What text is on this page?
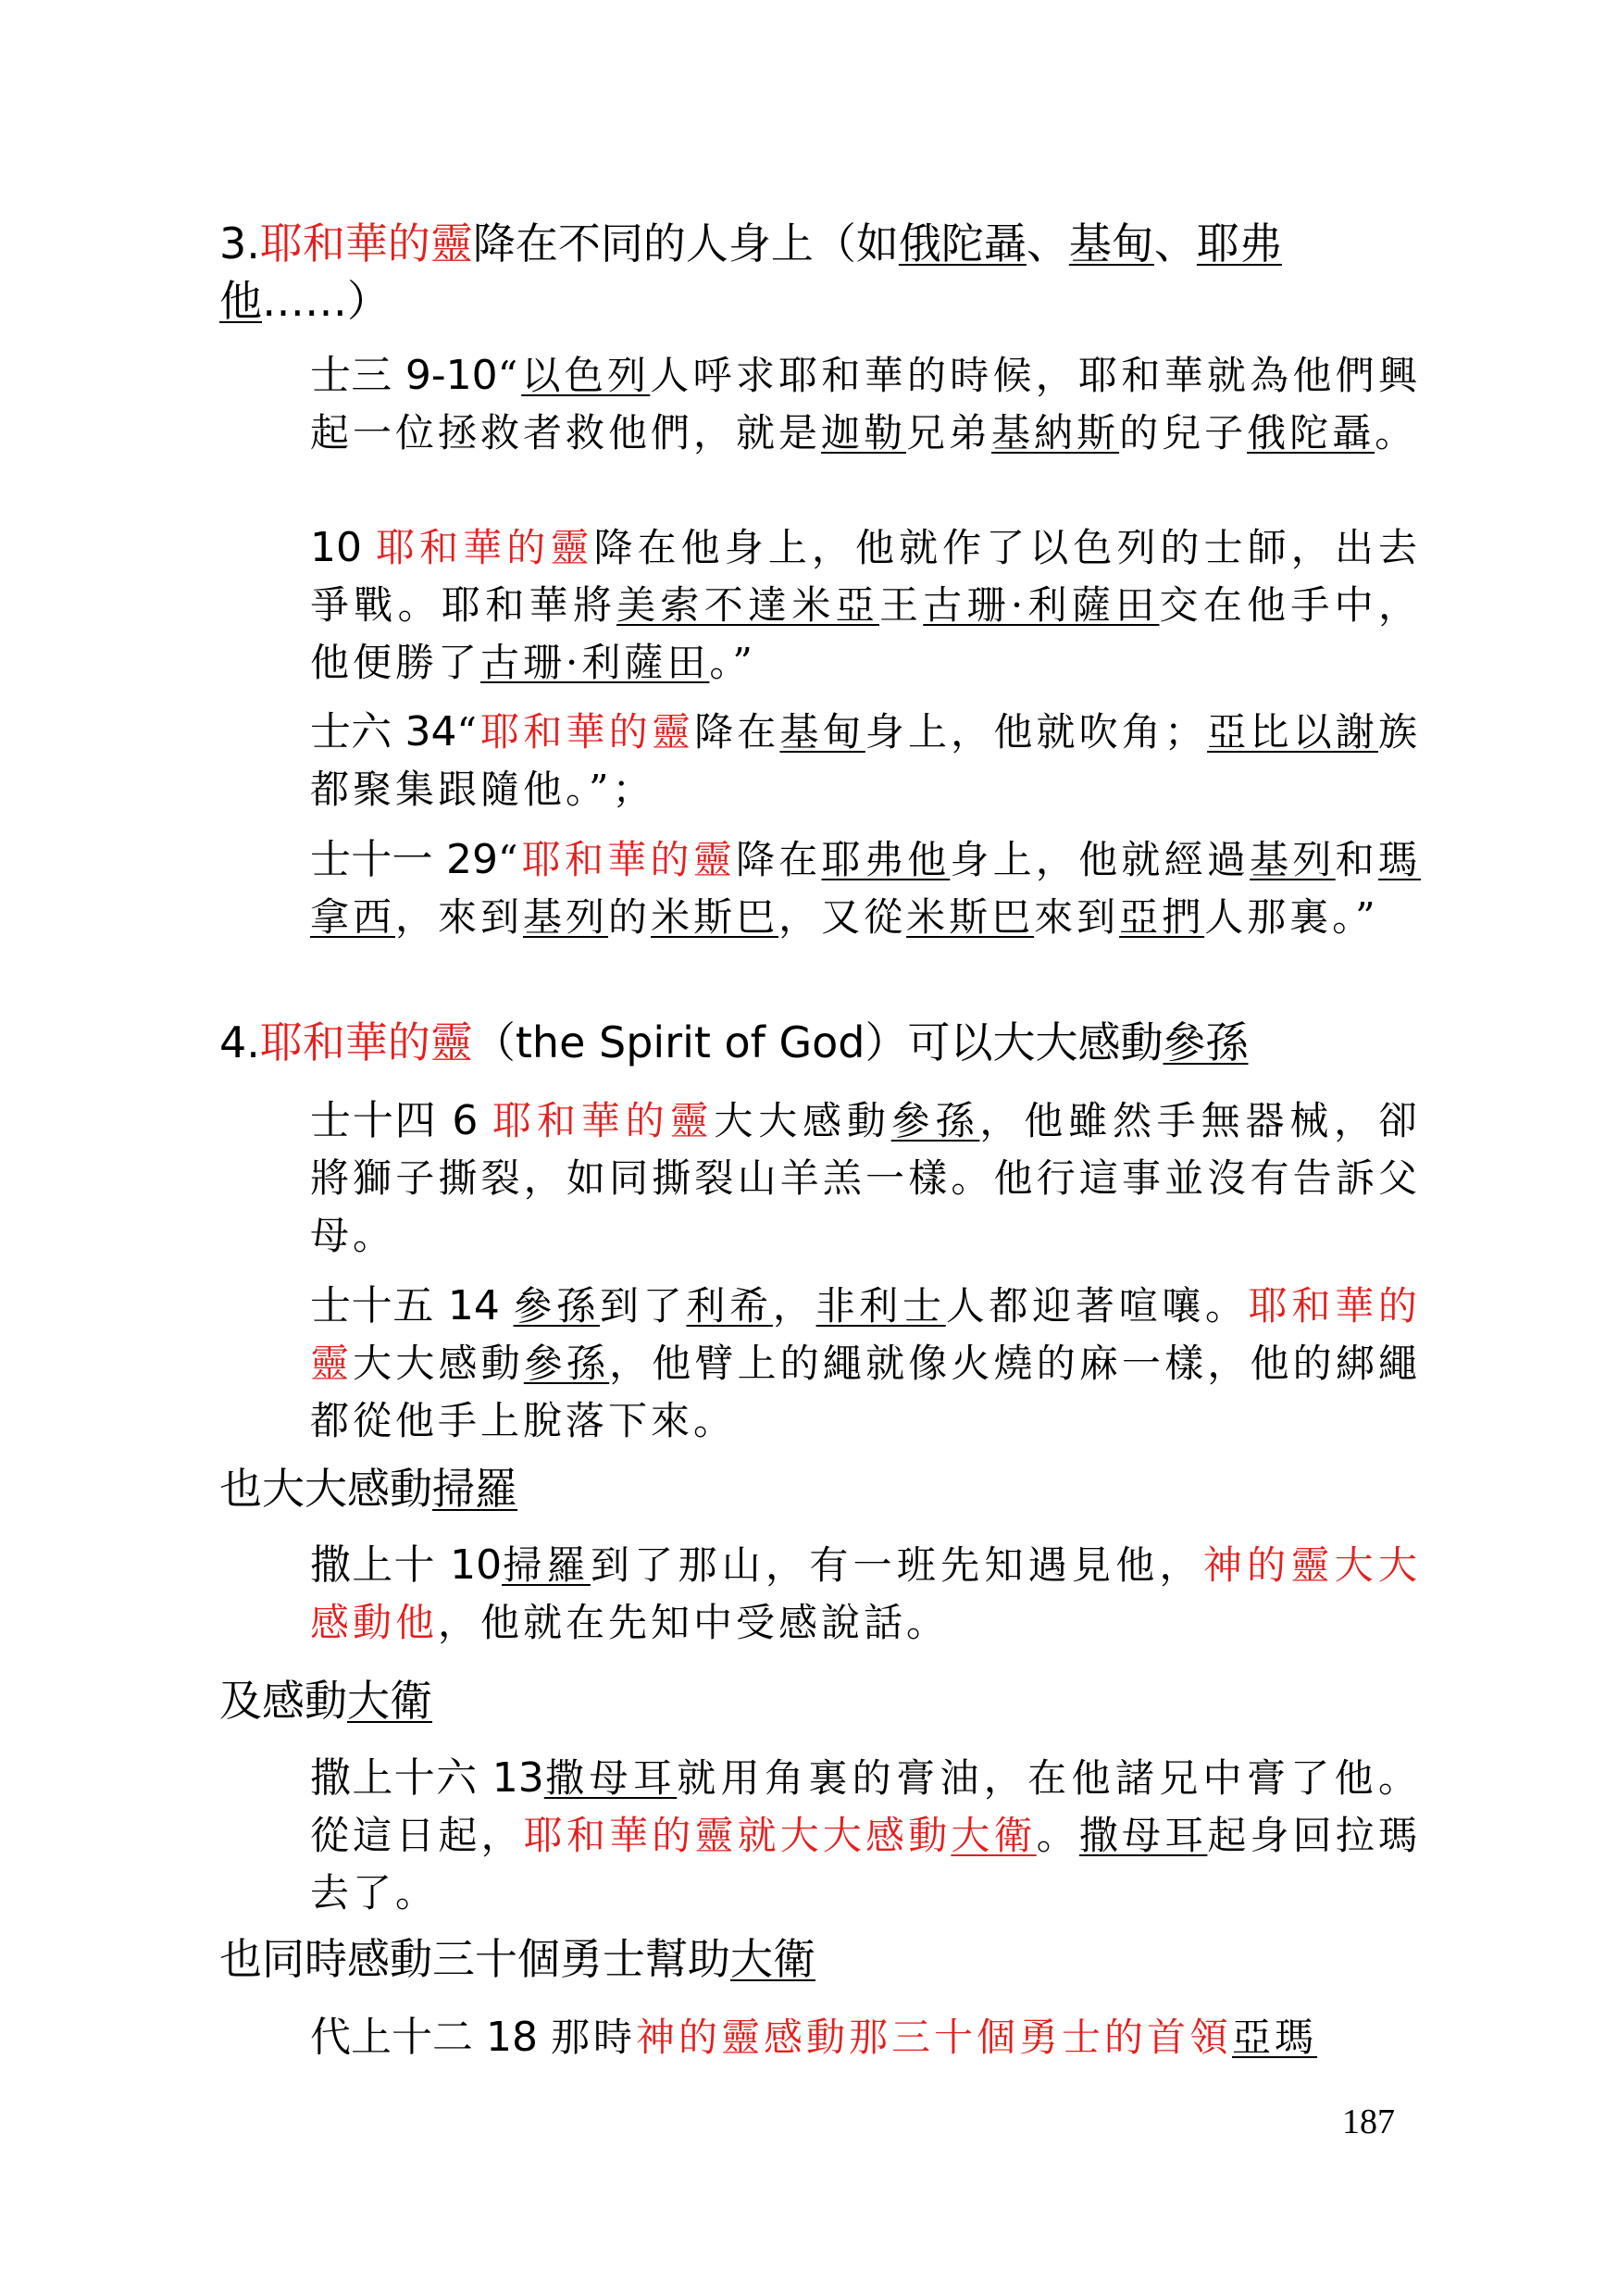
3.耶和華的靈降在不同的人身上（如俄陀聶、基甸、耶弗他……）
士三 9-10“以色列人呼求耶和華的時候，耶和華就為他們興起一位拯救者救他們，就是迦勒兄弟基納斯的兒子俄陀聶。
10 耶和華的靈降在他身上，他就作了以色列的士師，出去爭戰。耶和華將美索不達米亞王古珊·利薩田交在他手中，他便勝了古珊·利薩田。”
士六 34“耶和華的靈降在基甸身上，他就吹角；亞比以謝族都聚集跟隨他。”；
士十一 29“耶和華的靈降在耶弗他身上，他就經過基列和瑪拿西，來到基列的米斯巴，又從米斯巴來到亞捫人那裏。”
4.耶和華的靈（the Spirit of God）可以大大感動參孫
士十四 6 耶和華的靈大大感動參孫，他雖然手無器械，卻將獅子撕裂，如同撕裂山羊羔一樣。他行這事並沒有告訴父母。
士十五 14 參孫到了利希，非利士人都迎著喧嚷。耶和華的靈大大感動參孫，他臂上的繩就像火燒的麻一樣，他的綁繩都從他手上脫落下來。
也大大感動掃羅
撒上十 10掃羅到了那山，有一班先知遇見他，神的靈大大感動他，他就在先知中受感說話。
及感動大衛
撒上十六 13撒母耳就用角裏的膏油，在他諸兄中膏了他。從這日起，耶和華的靈就大大感動大衛。撒母耳起身回拉瑪去了。
也同時感動三十個勇士幫助大衛
代上十二 18 那時神的靈感動那三十個勇士的首領亞瑪
187
